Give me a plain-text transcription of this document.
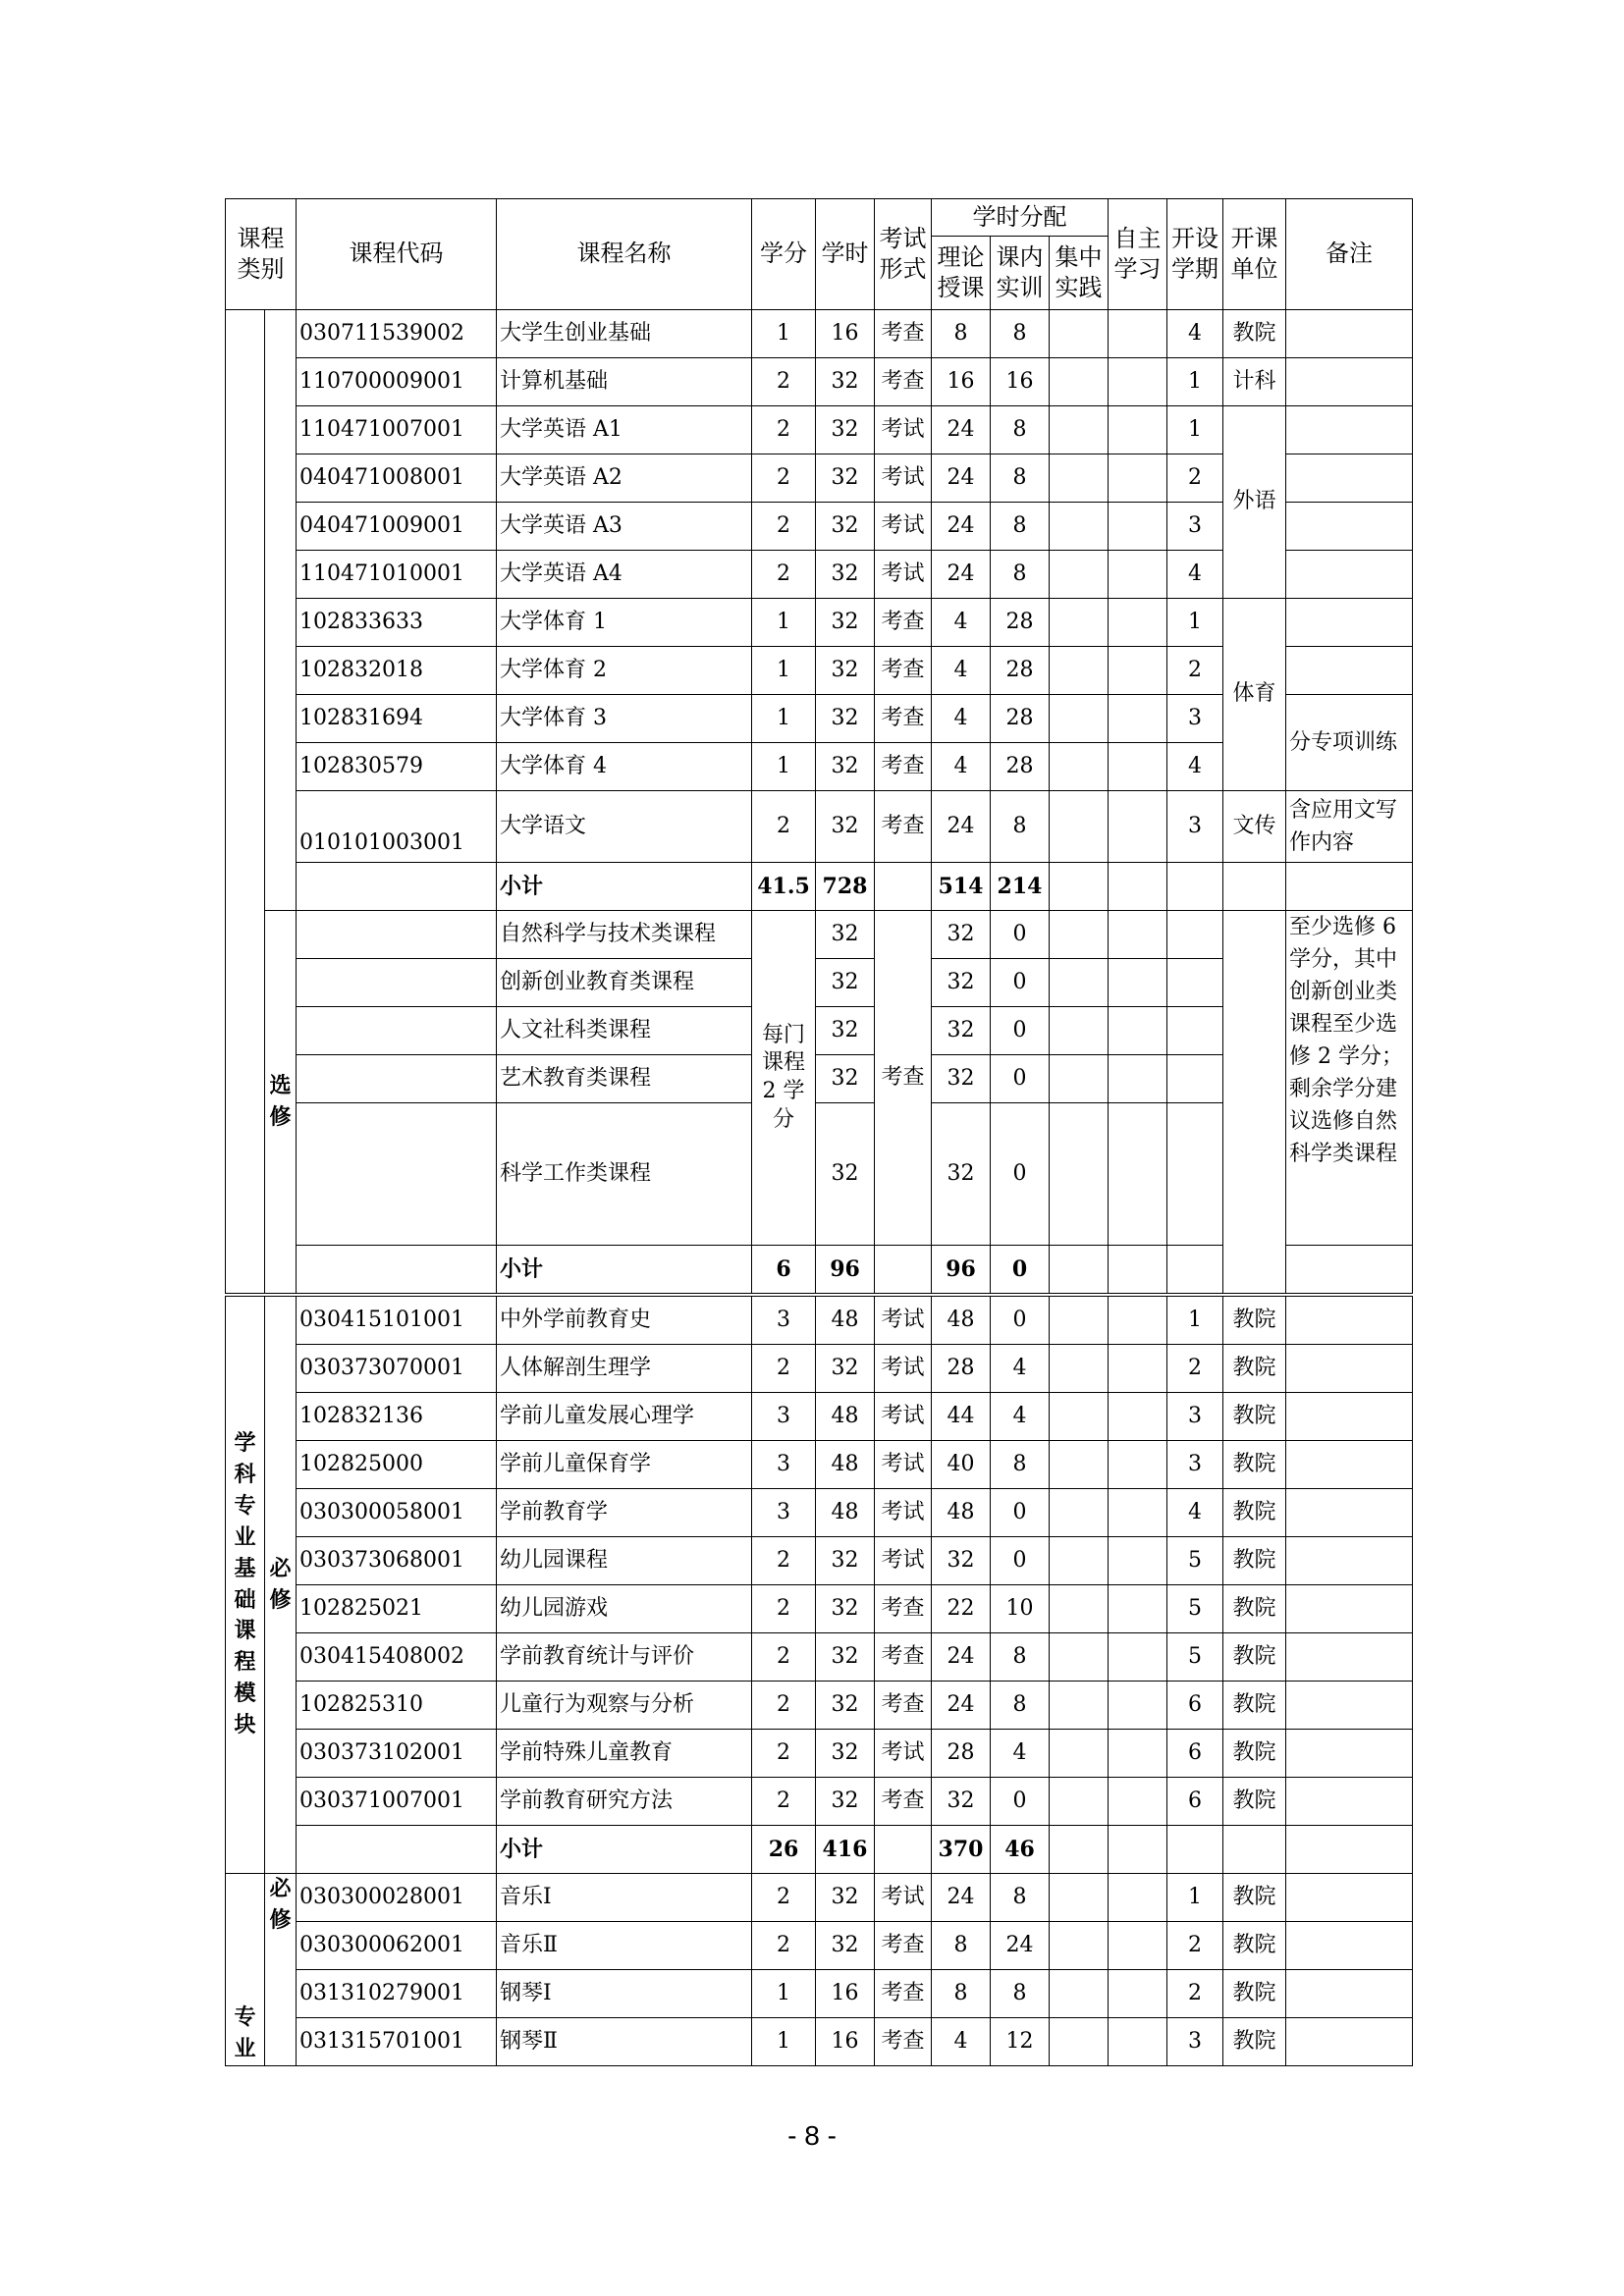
课程类别		课程代码	课程名称	学分	学时	考试形式	学时分配			自主学习	开设学期	开课单位	备注
							理论授课	课内实训	集中实践				
		030711539002	大学生创业基础	1	16	考查	8	8			4	教院	
		110700009001	计算机基础	2	32	考查	16	16			1	计科	
		110471007001	大学英语 A1	2	32	考试	24	8			1	外语	
		040471008001	大学英语 A2	2	32	考试	24	8			2		
		040471009001	大学英语 A3	2	32	考试	24	8			3		
		110471010001	大学英语 A4	2	32	考试	24	8			4		
		102833633	大学体育 1	1	32	考查	4	28			1	体育	
		102832018	大学体育 2	1	32	考查	4	28			2		
		102831694	大学体育 3	1	32	考查	4	28			3		分专项训练
		102830579	大学体育 4	1	32	考查	4	28			4		
		010101003001	大学语文	2	32	考查	24	8			3	文传	含应用文写作内容
			小计	41.5	728		514	214					
	选修		自然科学与技术类课程	每门课程 2 学分	32	考查	32	0					至少选修 6 学分，其中创新创业类课程至少选修 2 学分；剩余学分建议选修自然科学类课程
			创新创业教育类课程		32		32	0					
			人文社科类课程		32		32	0					
			艺术教育类课程		32		32	0					
			科学工作类课程		32		32	0					
			小计	6	96		96	0					
学科专业基础课程模块	必修	030415101001	中外学前教育史	3	48	考试	48	0			1	教院	
		030373070001	人体解剖生理学	2	32	考试	28	4			2	教院	
		102832136	学前儿童发展心理学	3	48	考试	44	4			3	教院	
		102825000	学前儿童保育学	3	48	考试	40	8			3	教院	
		030300058001	学前教育学	3	48	考试	48	0			4	教院	
		030373068001	幼儿园课程	2	32	考试	32	0			5	教院	
		102825021	幼儿园游戏	2	32	考查	22	10			5	教院	
		030415408002	学前教育统计与评价	2	32	考查	24	8			5	教院	
		102825310	儿童行为观察与分析	2	32	考查	24	8			6	教院	
		030373102001	学前特殊儿童教育	2	32	考试	28	4			6	教院	
		030371007001	学前教育研究方法	2	32	考查	32	0			6	教院	
			小计	26	416		370	46					
专业	必修	030300028001	音乐Ⅰ	2	32	考试	24	8			1	教院	
		030300062001	音乐Ⅱ	2	32	考查	8	24			2	教院	
		031310279001	钢琴Ⅰ	1	16	考查	8	8			2	教院	
		031315701001	钢琴Ⅱ	1	16	考查	4	12			3	教院	
- 8 -
